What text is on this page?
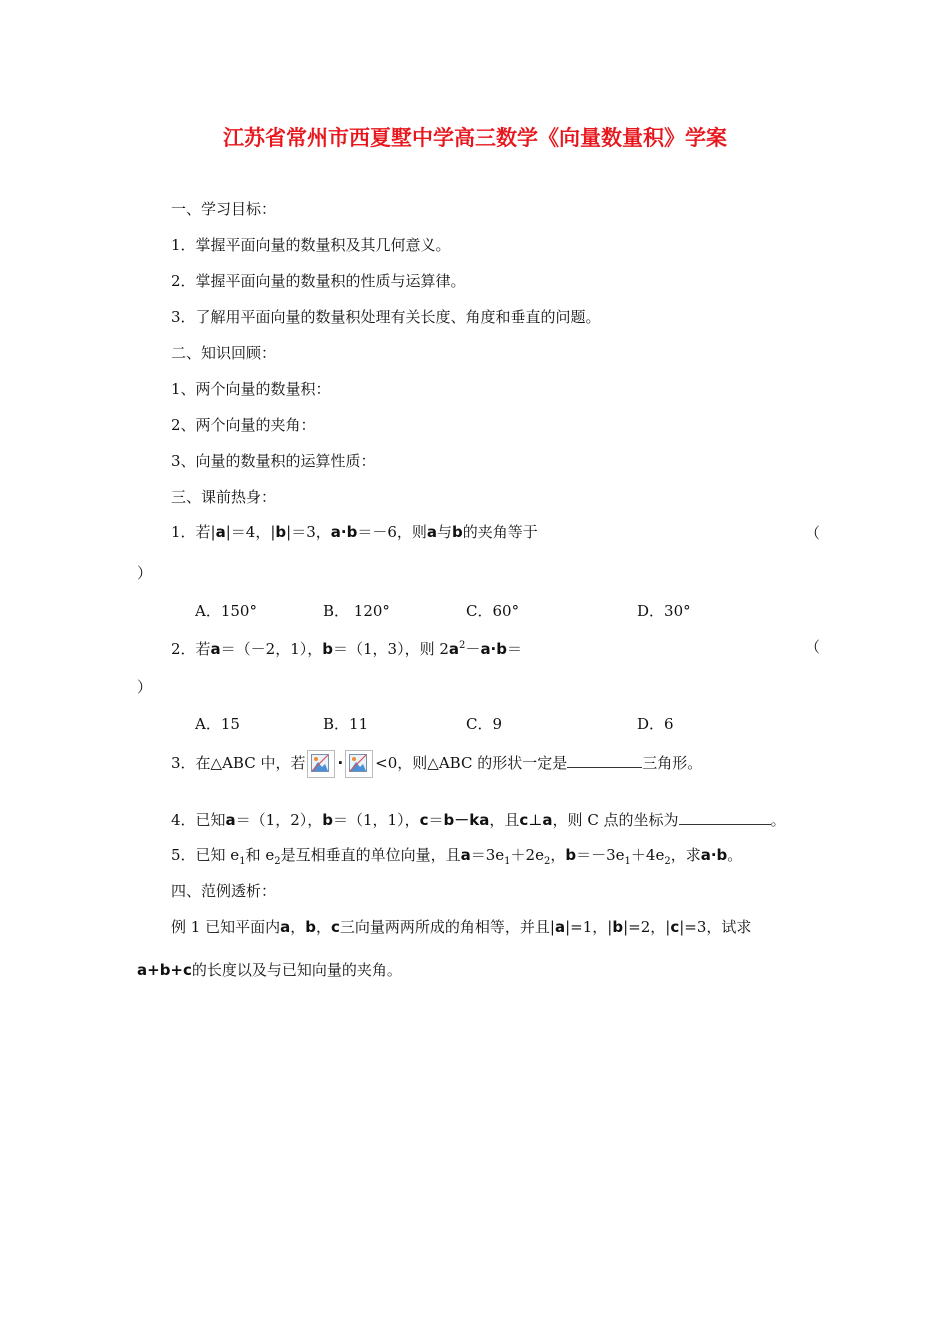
江苏省常州市西夏墅中学高三数学《向量数量积》学案
一、学习目标：
1．掌握平面向量的数量积及其几何意义。
2．掌握平面向量的数量积的性质与运算律。
3．了解用平面向量的数量积处理有关长度、角度和垂直的问题。
二、知识回顾：
1、两个向量的数量积：
2、两个向量的夹角：
3、向量的数量积的运算性质：
三、课前热身：
1．若|a|＝4，|b|＝3，a·b＝－6，则a与b的夹角等于	（
）
A．150°	B． 120°	C．60°	D．30°
2．若a＝（－2，1），b＝（1，3），则 $2a^2-a\cdot b=$	（
）
A．15	B．11	C．9	D．6
3．在△ABC 中，若 · <0，则△ABC 的形状一定是	三角形。
4．已知a＝（1，2），b＝（1，1），c＝b－ka，且c⊥a，则 C 点的坐标为	。
5．已知 $e_1$和 $e_2$是互相垂直的单位向量，且$a=3e_1+2e_2$，$b=-3e_1+4e_2$，求a·b。
四、范例透析：
例 1 已知平面内a，b，c三向量两两所成的角相等，并且|a|=1，|b|=2，|c|=3，试求
a+b+c的长度以及与已知向量的夹角。
